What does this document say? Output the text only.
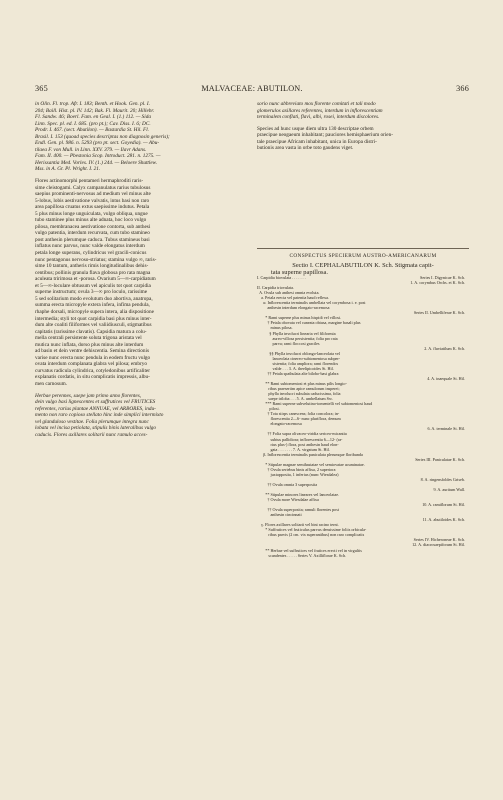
365	MALVACEAE: ABUTILON.	366
in Olin. Fl. trop. Afr. I. 183; Benth. et Hook. Gen. pl. I.
204; Baill. Hist. pl. IV. 142; Bak. Fl. Maurit. 20; Hillebr.
Fl. Sandw. 46; Boerl. Fam. en Geal. I. (1.) 112. — Sida
Linn. Spec. pl. ed. I. 685. (pro pt.); Cav. Diss. I. 6; DC.
Prodr. I. 467. (sect. Abutilon). — Bastardia St. Hil. Fl.
Brasil. I. 153 (quoad species descriptas non diagnosin generis);
Endl. Gen. pl. 986. n. 5293 (pro pt. sect. Goyedia). — Abu-
tilaea F. von Mull. in Linn. XXV. 379. — Ilavr Adans.
Fam. II. 400. — Pbestonia Scop. Introduct. 281. n. 1275. —
Herissantia Med. Vorles. IV. (1.) 244. — Beloere Shuttlew.
Mss. in A. Gr. Pl. Wright. I. 21.
Flores actinomorphi pentameri hermaphroditi raris-
sime cleistogami. Calyx campanulatus rarius tubulosus
saepius prominenti-nervosus ad medium vel minus alte
5-lobus, lobis aestivatione valvatis, intus basi non raro
area papillosa cruatus extus saepissime indutus. Petala
5 plus minus longe unguiculata, vulgo obliqua, ungue
tubo staminee plus minus alte adnata, hoc loco vulgo
pilosa, membranacea aestivatione contorta, sub anthesi
vulgo patentia, interdum recurvata, cum tubo stamineo
post anthesin plerumque caduca. Tubus stamineus basi
inflatus nunc parvus, nunc valde elongatus interdum
petala longe superans, cylindricus vel gracili-conicus
nunc pentagonus nervoso-striatus; stamina vulgo ∞, raris-
sime 10 tantum, antheris rimis longitudinalibus dehis-
centibus; pollinis granula flava globosa pro rata magna
aculeata tririmosa et -porosa. Ovarium 5—∞-carpidiatum
et 5—∞-loculare obtusum vel apiculis tot quot carpidia
superne instructum; ovula 3—∞ pro loculo, rarissime
5 sed solitarium modo evolutum duo abortiva, anatropa,
summa erecta micropyle extera infera, infima pendula,
rhaphe dorsali, micropyle supera intera, alia dispositione
intermedia; styli tot quot carpidia basi plus minus inter-
dum alte coaliti filiformes vel valiidiusculi, stigmatibus
capitatis (rarissime clavatis). Capsidia matura a colu-
mella centrali persistente soluta trigona aristata vel
mutica nunc inflata, dorso plus minus alte interdum
ad basin et dein ventre dehiscentia. Semina directionis
varise nunc erecta nunc pendula in eodem fructu vulgo
ovata interdum complanata glabra vel pilosa; embryo
curvatus radicula cylindrica, cotyledonibus artificaliter
explanatis cordatis, in situ complicatis impressis, albu-
men carnosum.
Herbae perennes, saepe jam primo anno florentes,
dein vulgo basi lignescentes et suffrutices vel FRUTICES
referentes, rarius plantae ANNUAE, vel ARBORES, indu-
mento non raro copioso stellato hinc inde simplici intermixto
vel glanduloso vestitae. Folia plerumque integra nunc
lobata vel incisa petiolata, stipulis binis lateralibus vulgo
caducis. Flores axillares solitarii nunc ramulo acces-
sorio nunc abbreviato mox florente comitati et tali modo
glomerulos axillares referentes, interdum in inflorescentiam
terminalem conflati, flavi, albi, rosei, interdum discolores.
Species ad hunc usque diem ultra 130 descriptae orbem
praecipue neogaeum inhabitant; pauciores hemisphaerium orien-
tale praecipue Africam inhabitant, unica in Europa distri-
butionis area vasta in orbe toto gaudens viget.
CONSPECTUS SPECIERUM AUSTRO-AMERICANARUM
Sectio I. CEPHALABUTILON K. Sch. Stigmata capit-
tata superne papillosa.
I. Carpidia biovulata . . . . . . .	Series I. Digynicae K. Sch.
1. A. corymbus Orchs. et K. Sch.
II. Carpidia triovulata.
A. Ovula sub anthesi omnia evoluta.
a. Petala erecta vel patentia haud reflexa.
α. Inflorescentia terminalis umbellata vel corymbosa i. e. post
anthesin interdum elongato-racemosa
Series II. Umbelliferae K. Sch.
* Rami superne plus minus hispidi vel villosi.
† Petala obovata vel cuneata obtusa, margine basali plus
minus pilosa.
§ Phylla involucri linearia vel filiformia
aureo-villosa persistentia; folia pro rata
parva; rami floccosi graciles
2. A. fluviatilum K. Sch.
§§ Phylla involucri oblongo-lanceolata vel
lanceolata cinereo-subtomentosa subper-
sistentia; folia ampliora; rami florendos
valde . . . 3. A. theelipicoides St. Hil.
†† Petala spathulata alte bilobo-basi glabra
4. A. inaequale St. Hil.
** Rami subtomentosi et plus minus pilis longio-
ribus praesertim apice ramulorum insperei;
phylla involucri subulata caducissima, folia
saepe triloba . . . 5. A. umbellatum Sw.
*** Rami superne subvelutino-tomentelli vel subtomentosi haud
pilosi.
† Tota stirps canescens; folia concolora; in-
florescentia 2—6- nunc pluriflora, demum
elongato-racemosa
6. A. terminale St. Hil.
†† Folia supra olivaceo-viridia sericeo-micantia
subtus pallidiora; inflorescentia 6—12- (ra-
rius plus-) flora, post anthesin haud elon-
gata . . . . . . . 7. A. virgatum St. Hil.
β. Inflorescentia terminalis paniculata plerumque floribunda
Series III. Paniculatae K. Sch.
* Stipulae magnae semihastatae vel semiovatae acuminatae.
† Ovula seriebus binis affixa, 2 superiora
juxtapposita, 1 inferius (nunc Wiesdalea)
8. A. ringensfoldes Griseb.
†† Ovula omnia 3 superposita
9. A. auritum Wall.
** Stipulae minores lineares vel lanceolatae.
† Ovula more Wiesdalae affixa
10. A. ramiflorum St. Hil.
†† Ovula superposita; ramuli florentes post
anthesin cincinnati
11. A. abutiloides K. Sch.
γ. Flores axillares solitarii vel bini racino terni.
* Suffrutices vel fruticulus parvus densissime foliis orbicula-
ribus parvis (2 cm. vix superantibus) non raro complicatis
Series IV. Hicheroneae K. Sch.
12. A. diacrosaepiforum St. Hil.
** Herbae vel suffrutices vel frutices erecti vel in virgultis
scandentes . . . . . Series V. Axilliflorae K. Sch.
